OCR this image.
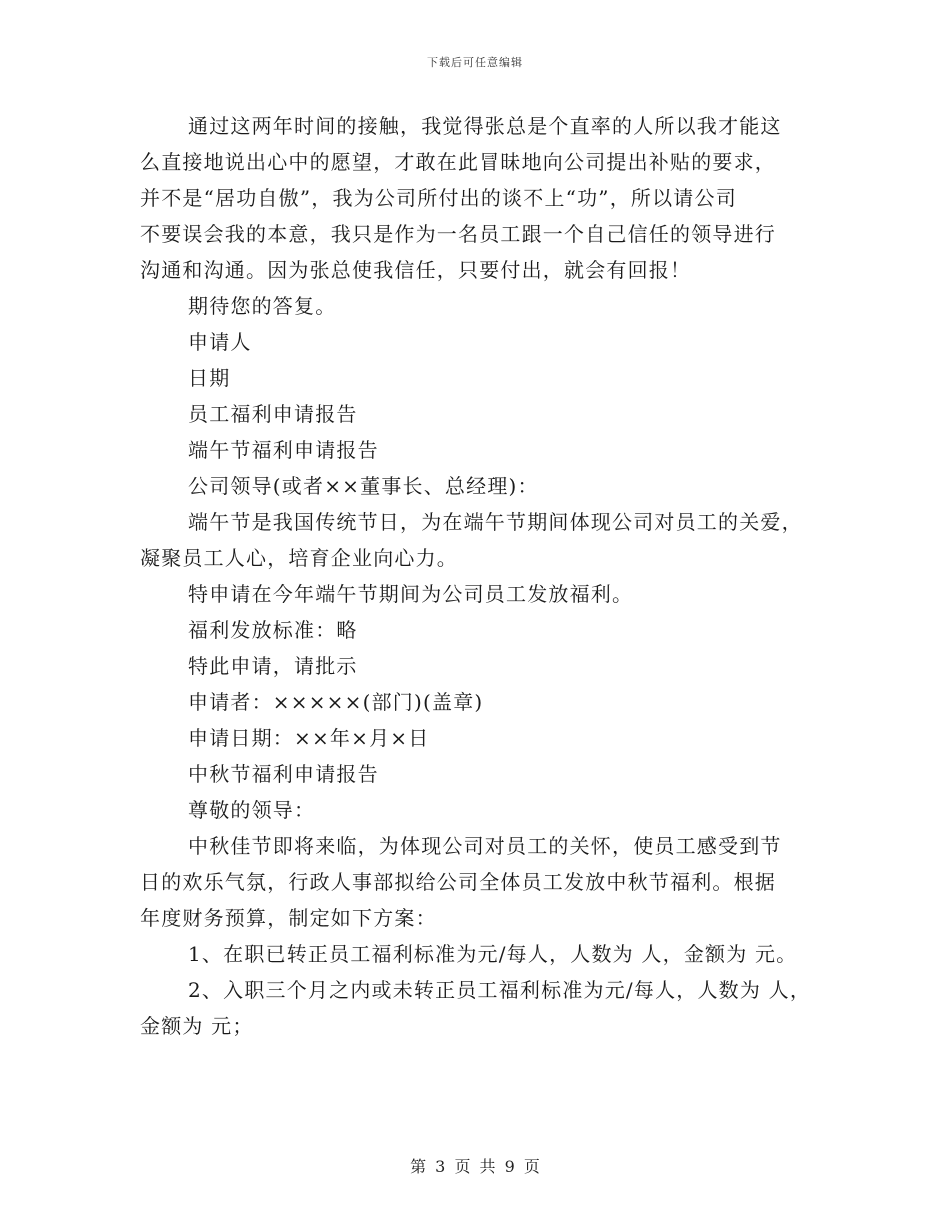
下载后可任意编辑
通过这两年时间的接触，我觉得张总是个直率的人所以我才能这
么直接地说出心中的愿望，才敢在此冒昧地向公司提出补贴的要求，
并不是“居功自傲”，我为公司所付出的谈不上“功”，所以请公司
不要误会我的本意，我只是作为一名员工跟一个自己信任的领导进行
沟通和沟通。因为张总使我信任，只要付出，就会有回报！
期待您的答复。
申请人
日期
员工福利申请报告
端午节福利申请报告
公司领导(或者××董事长、总经理)：
端午节是我国传统节日，为在端午节期间体现公司对员工的关爱，
凝聚员工人心，培育企业向心力。
特申请在今年端午节期间为公司员工发放福利。
福利发放标准：略
特此申请，请批示
申请者：×××××(部门)(盖章)
申请日期：××年×月×日
中秋节福利申请报告
尊敬的领导：
中秋佳节即将来临，为体现公司对员工的关怀，使员工感受到节
日的欢乐气氛，行政人事部拟给公司全体员工发放中秋节福利。根据
年度财务预算，制定如下方案：
1、在职已转正员工福利标准为元/每人，人数为 人，金额为 元。
2、入职三个月之内或未转正员工福利标准为元/每人，人数为 人，
金额为 元；
第 3 页 共 9 页
